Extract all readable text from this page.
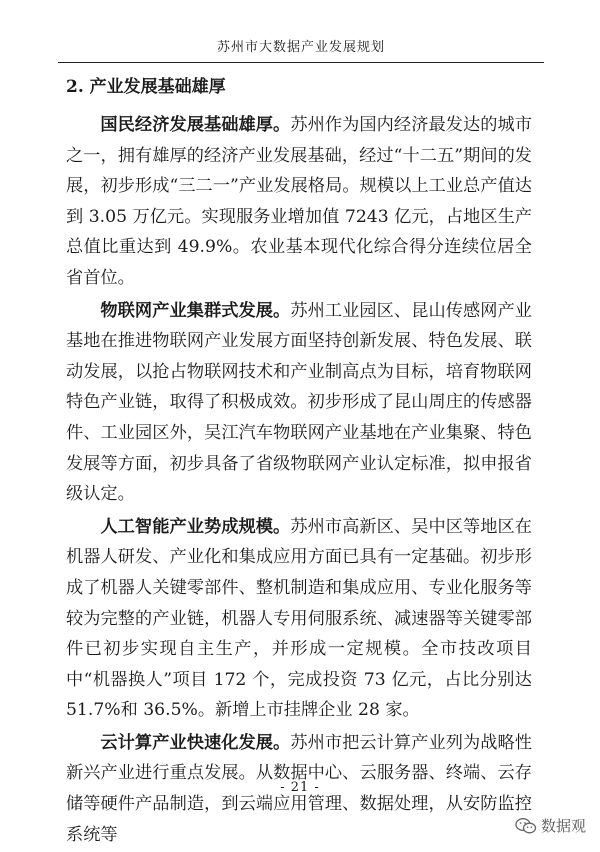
苏州市大数据产业发展规划
2. 产业发展基础雄厚

国民经济发展基础雄厚。苏州作为国内经济最发达的城市之一，拥有雄厚的经济产业发展基础，经过“十二五”期间的发展，初步形成“三二一”产业发展格局。规模以上工业总产值达到 3.05 万亿元。实现服务业增加值 7243 亿元，占地区生产总值比重达到 49.9%。农业基本现代化综合得分连续位居全省首位。

物联网产业集群式发展。苏州工业园区、昆山传感网产业基地在推进物联网产业发展方面坚持创新发展、特色发展、联动发展，以抢占物联网技术和产业制高点为目标，培育物联网特色产业链，取得了积极成效。初步形成了昆山周庄的传感器件、工业园区外，吴江汽车物联网产业基地在产业集聚、特色发展等方面，初步具备了省级物联网产业认定标准，拟申报省级认定。

人工智能产业势成规模。苏州市高新区、吴中区等地区在机器人研发、产业化和集成应用方面已具有一定基础。初步形成了机器人关键零部件、整机制造和集成应用、专业化服务等较为完整的产业链，机器人专用伺服系统、减速器等关键零部件已初步实现自主生产，并形成一定规模。全市技改项目中“机器换人”项目 172 个，完成投资 73 亿元，占比分别达 51.7%和 36.5%。新增上市挂牌企业 28 家。

云计算产业快速化发展。苏州市把云计算产业列为战略性新兴产业进行重点发展。从数据中心、云服务器、终端、云存储等硬件产品制造，到云端应用管理、数据处理，从安防监控系统等

- 21 -
数据观
